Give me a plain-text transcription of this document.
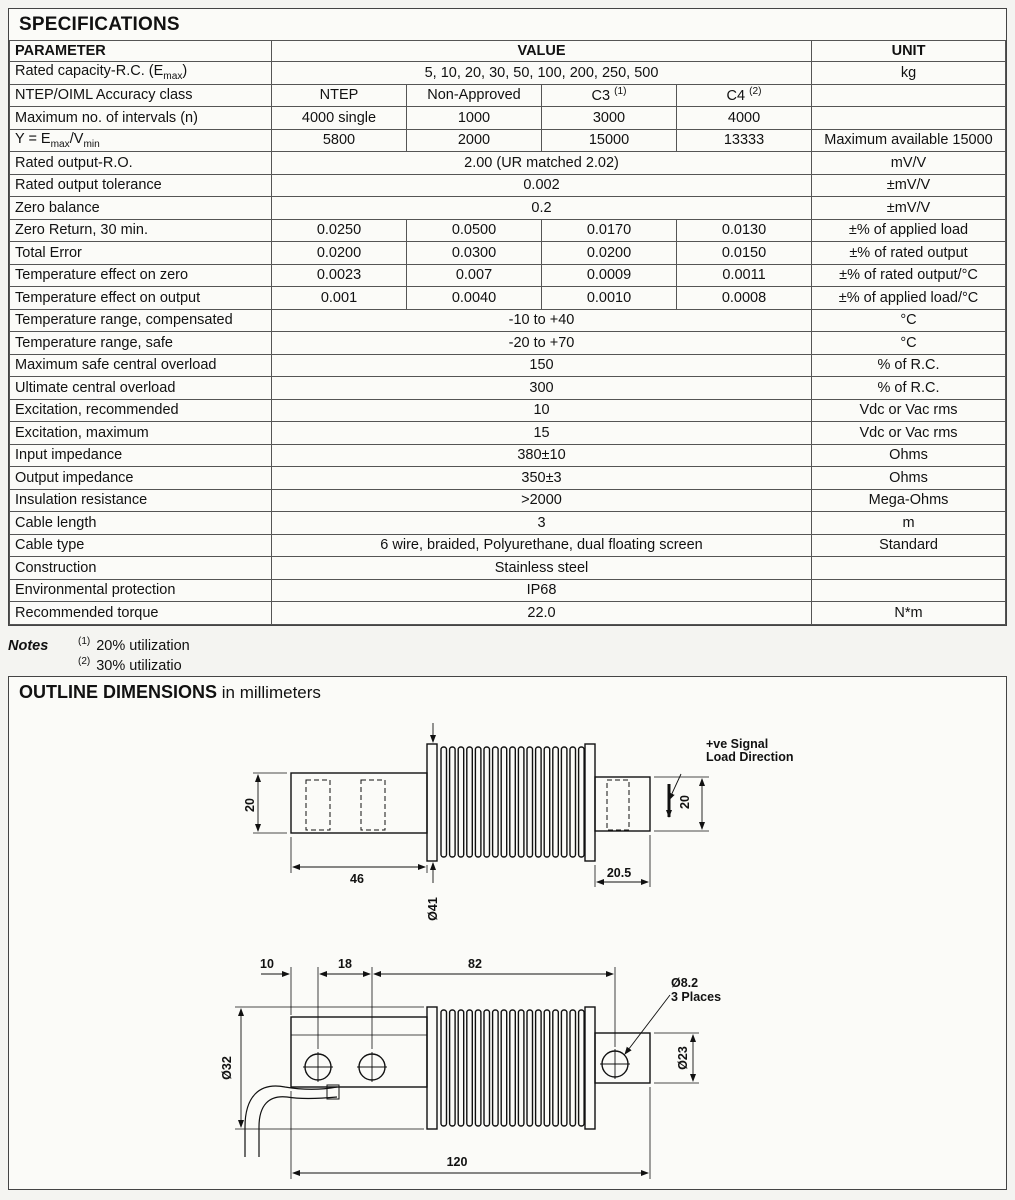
SPECIFICATIONS
PARAMETER	VALUE				UNIT
Rated capacity-R.C. $(E_{max})$	5, 10, 20, 30, 50, 100, 200, 250, 500				kg
NTEP/OIML Accuracy class	NTEP	Non-Approved	C3 $^{(1)}$	C4 $^{(2)}$	
Maximum no. of intervals (n)	4000 single	1000	3000	4000	
$Y = E_{max}/V_{min}$	5800	2000	15000	13333	Maximum available 15000
Rated output-R.O.	2.00 (UR matched 2.02)				mV/V
Rated output tolerance	0.002				±mV/V
Zero balance	0.2				±mV/V
Zero Return, 30 min.	0.0250	0.0500	0.0170	0.0130	±% of applied load
Total Error	0.0200	0.0300	0.0200	0.0150	±% of rated output
Temperature effect on zero	0.0023	0.007	0.0009	0.0011	±% of rated output/°C
Temperature effect on output	0.001	0.0040	0.0010	0.0008	±% of applied load/°C
Temperature range, compensated	-10 to +40				°C
Temperature range, safe	-20 to +70				°C
Maximum safe central overload	150				% of R.C.
Ultimate central overload	300				% of R.C.
Excitation, recommended	10				Vdc or Vac rms
Excitation, maximum	15				Vdc or Vac rms
Input impedance	380±10				Ohms
Output impedance	350±3				Ohms
Insulation resistance	>2000				Mega-Ohms
Cable length	3				m
Cable type	6 wire, braided, Polyurethane, dual floating screen				Standard
Construction	Stainless steel				
Environmental protection	IP68				
Recommended torque	22.0				N*m
Notes	$^{(1)}$ 20% utilization
$^{(2)}$ 30% utilizatio
OUTLINE DIMENSIONS in millimeters
20	20
46	20.5
Ø41
+ve Signal
Load Direction
10	18	82
Ø8.2
3 Places
Ø32	Ø23
120
